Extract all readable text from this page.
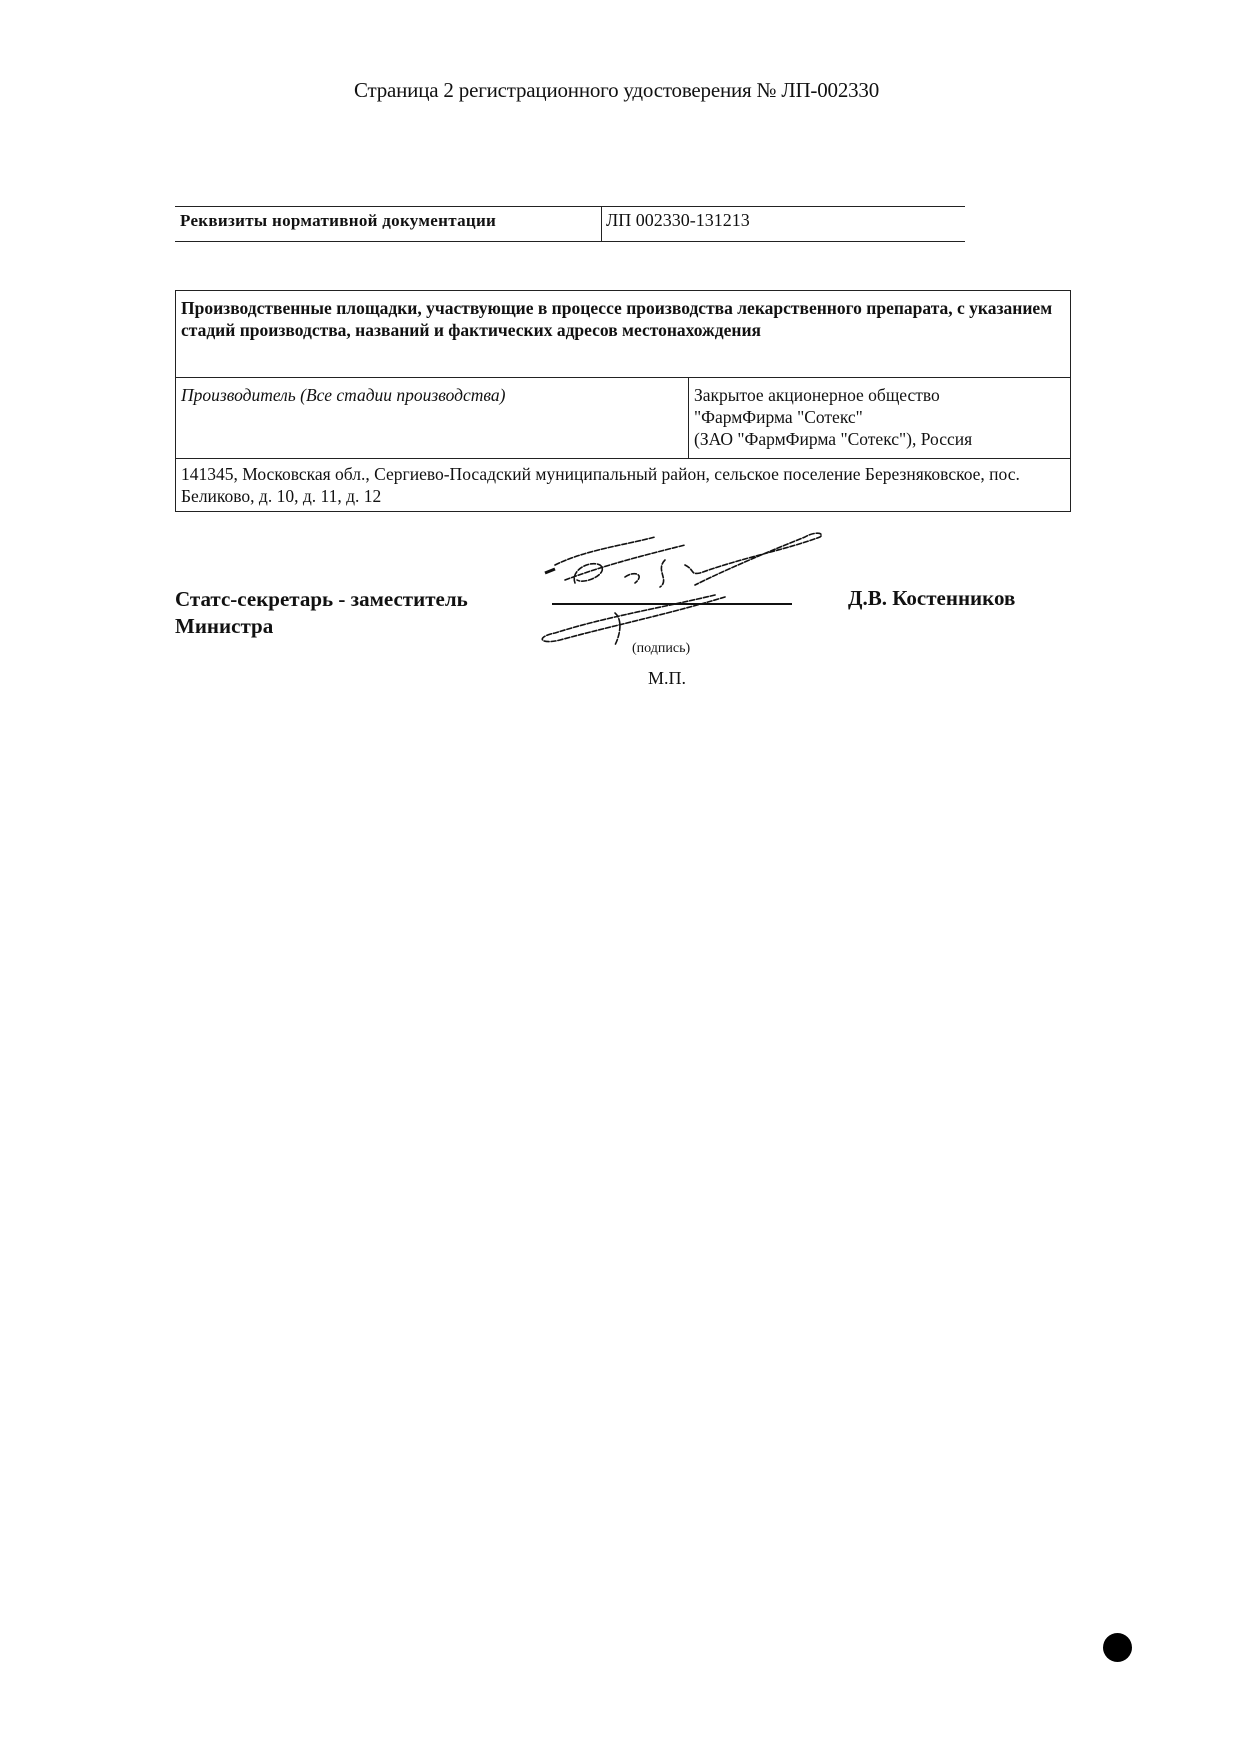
Страница 2 регистрационного удостоверения № ЛП-002330
Реквизиты нормативной документации	ЛП 002330-131213
Производственные площадки, участвующие в процессе производства лекарственного препарата, с указанием стадий производства, названий и фактических адресов местонахождения
Производитель (Все стадии производства)	Закрытое акционерное общество
"ФармФирма "Сотекс"
(ЗАО "ФармФирма "Сотекс"), Россия

141345, Московская обл., Сергиево-Посадский муниципальный район, сельское поселение Березняковское, пос. Беликово, д. 10, д. 11, д. 12
Статс-секретарь - заместитель
Министра
Д.В. Костенников
(подпись)
М.П.
